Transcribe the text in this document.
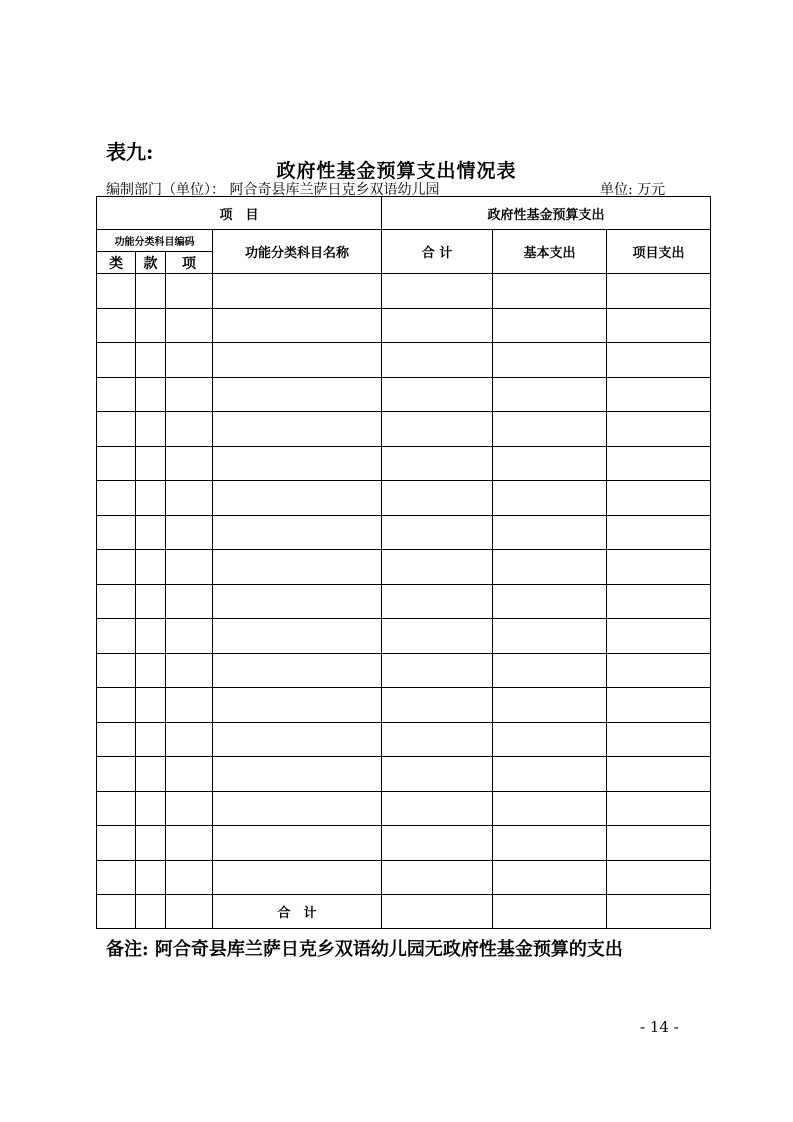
表九:
政府性基金预算支出情况表
编制部门（单位）： 阿合奇县库兰萨日克乡双语幼儿园	单位: 万元
项　目				政府性基金预算支出		
功能分类科目编码			功能分类科目名称	合 计	基本支出	项目支出
类	款	项				

			合　计			
备注: 阿合奇县库兰萨日克乡双语幼儿园无政府性基金预算的支出
- 14 -
